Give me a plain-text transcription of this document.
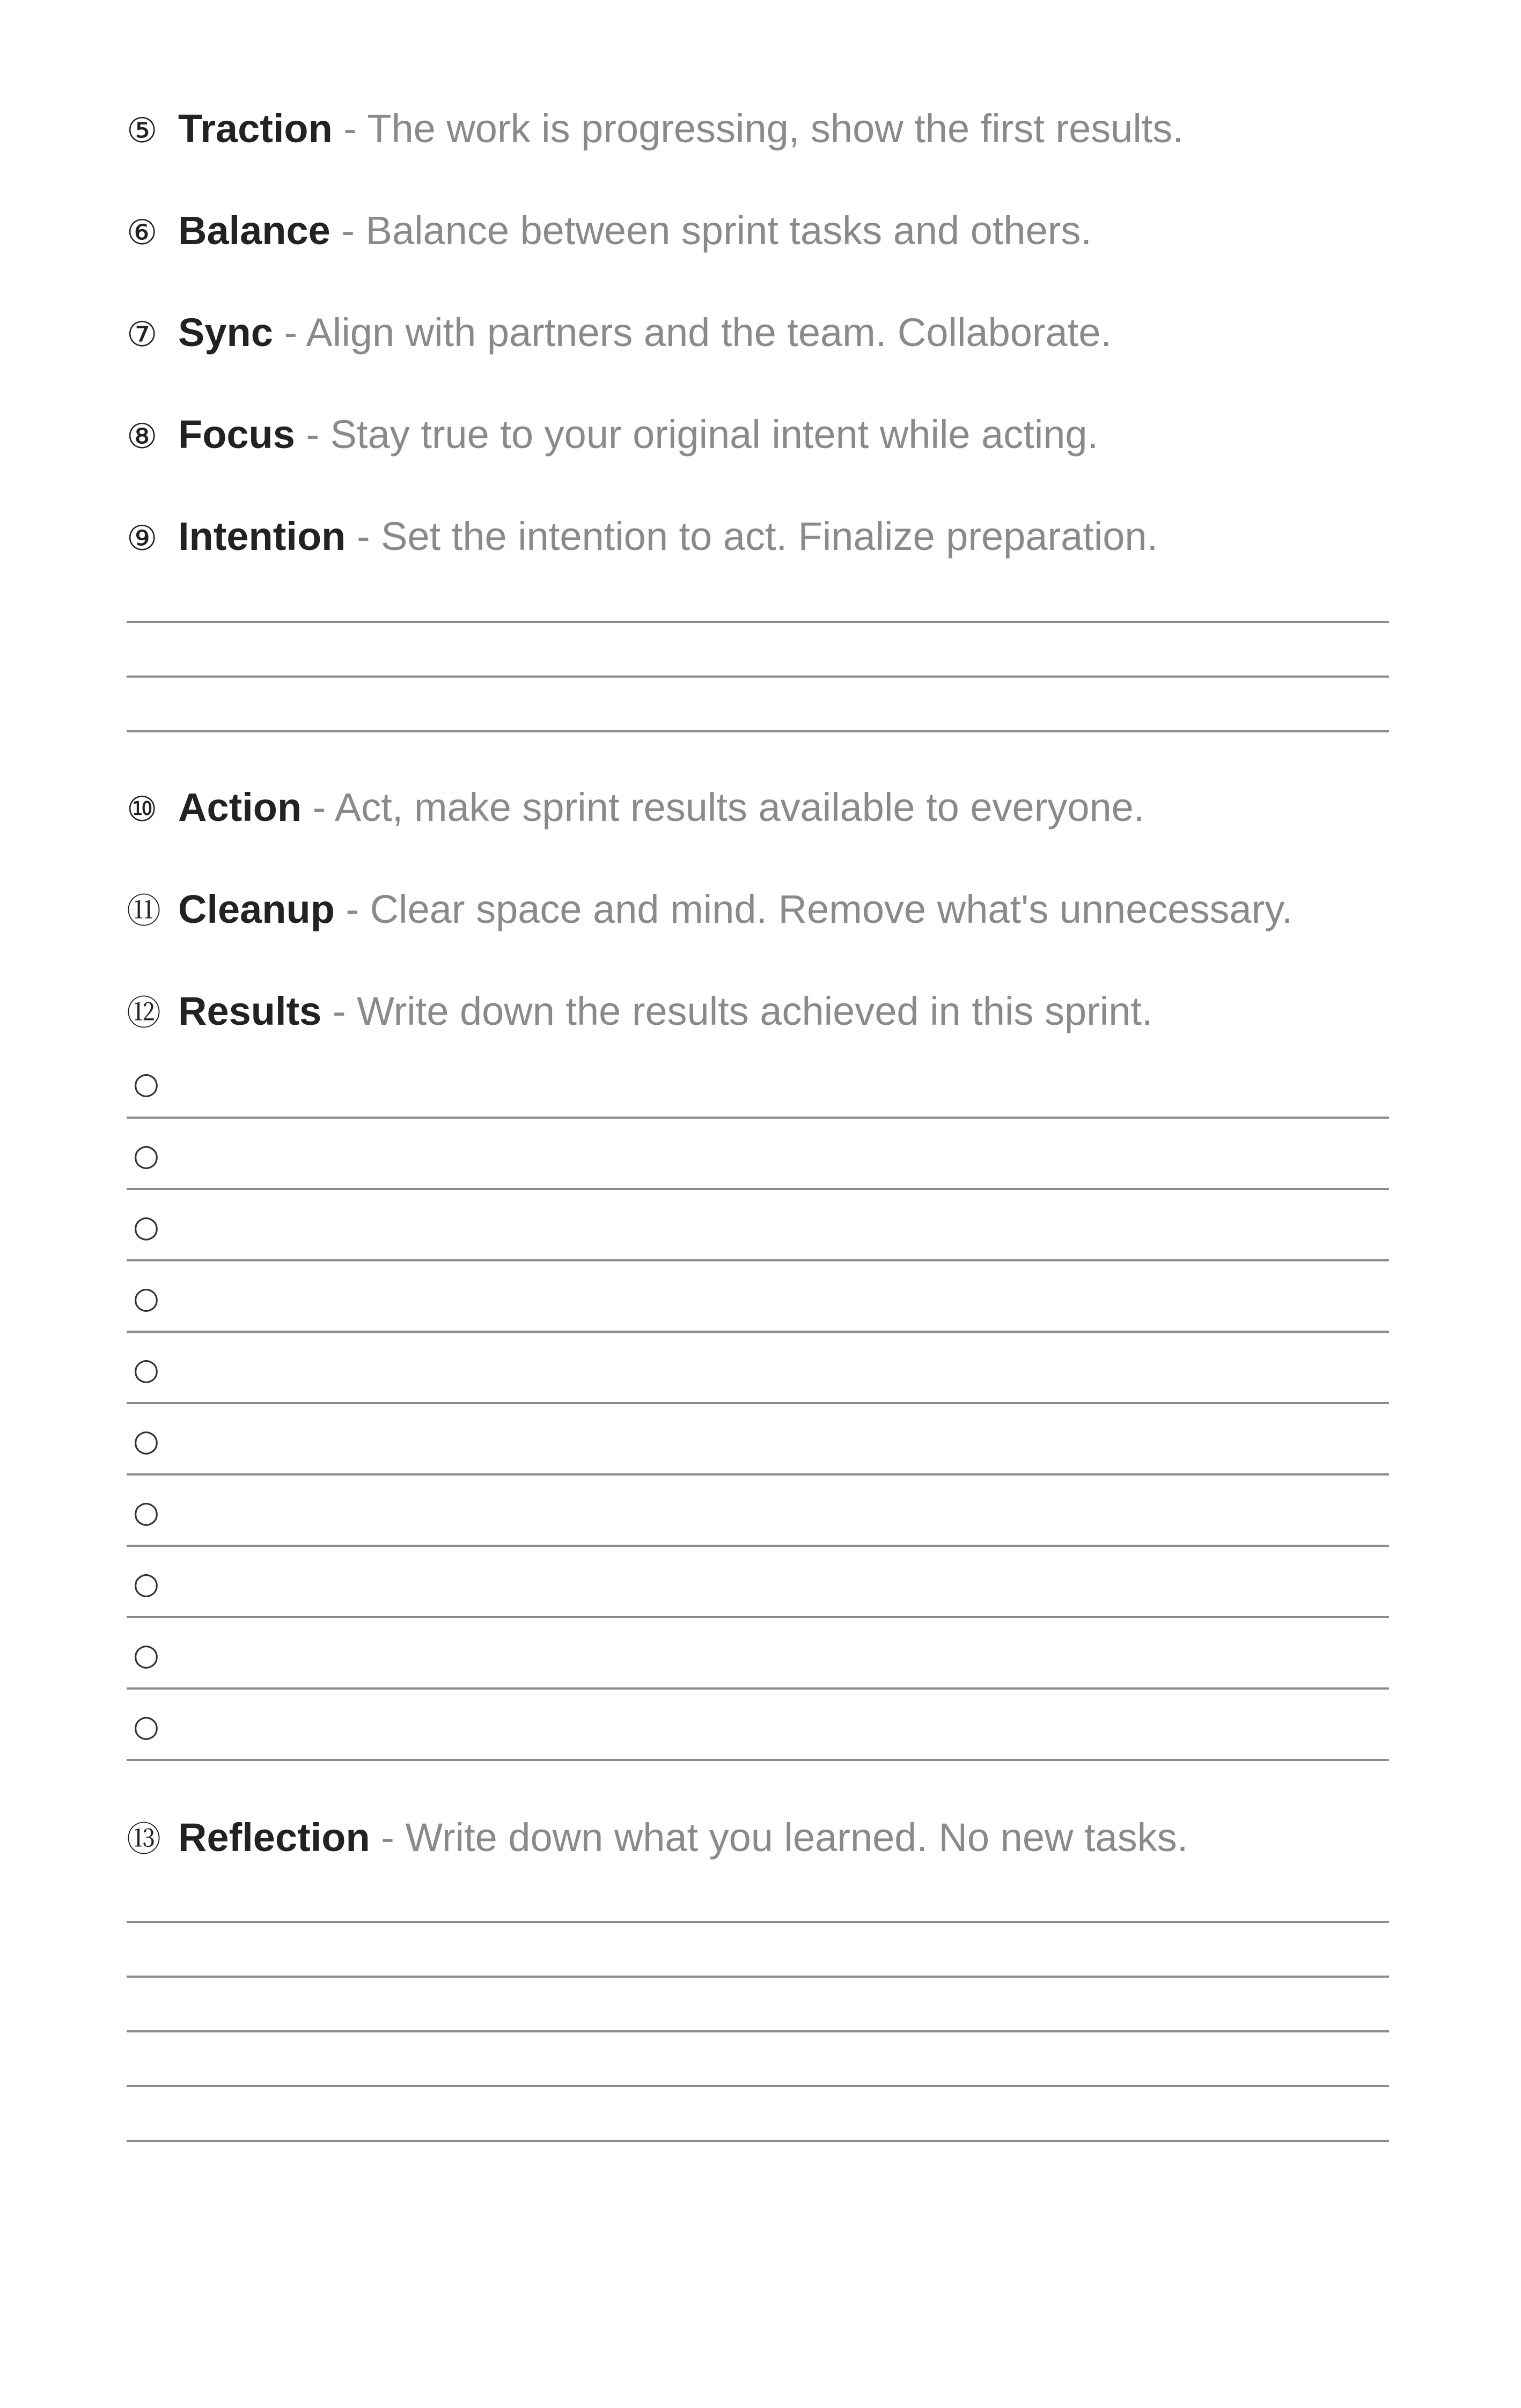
⑤ Traction - The work is progressing, show the first results.
⑥ Balance - Balance between sprint tasks and others.
⑦ Sync - Align with partners and the team. Collaborate.
⑧ Focus - Stay true to your original intent while acting.
⑨ Intention - Set the intention to act. Finalize preparation.
⑩ Action - Act, make sprint results available to everyone.
⑪ Cleanup - Clear space and mind. Remove what's unnecessary.
⑫ Results - Write down the results achieved in this sprint.
○
○
○
○
○
○
○
○
○
○
⑬ Reflection - Write down what you learned. No new tasks.
